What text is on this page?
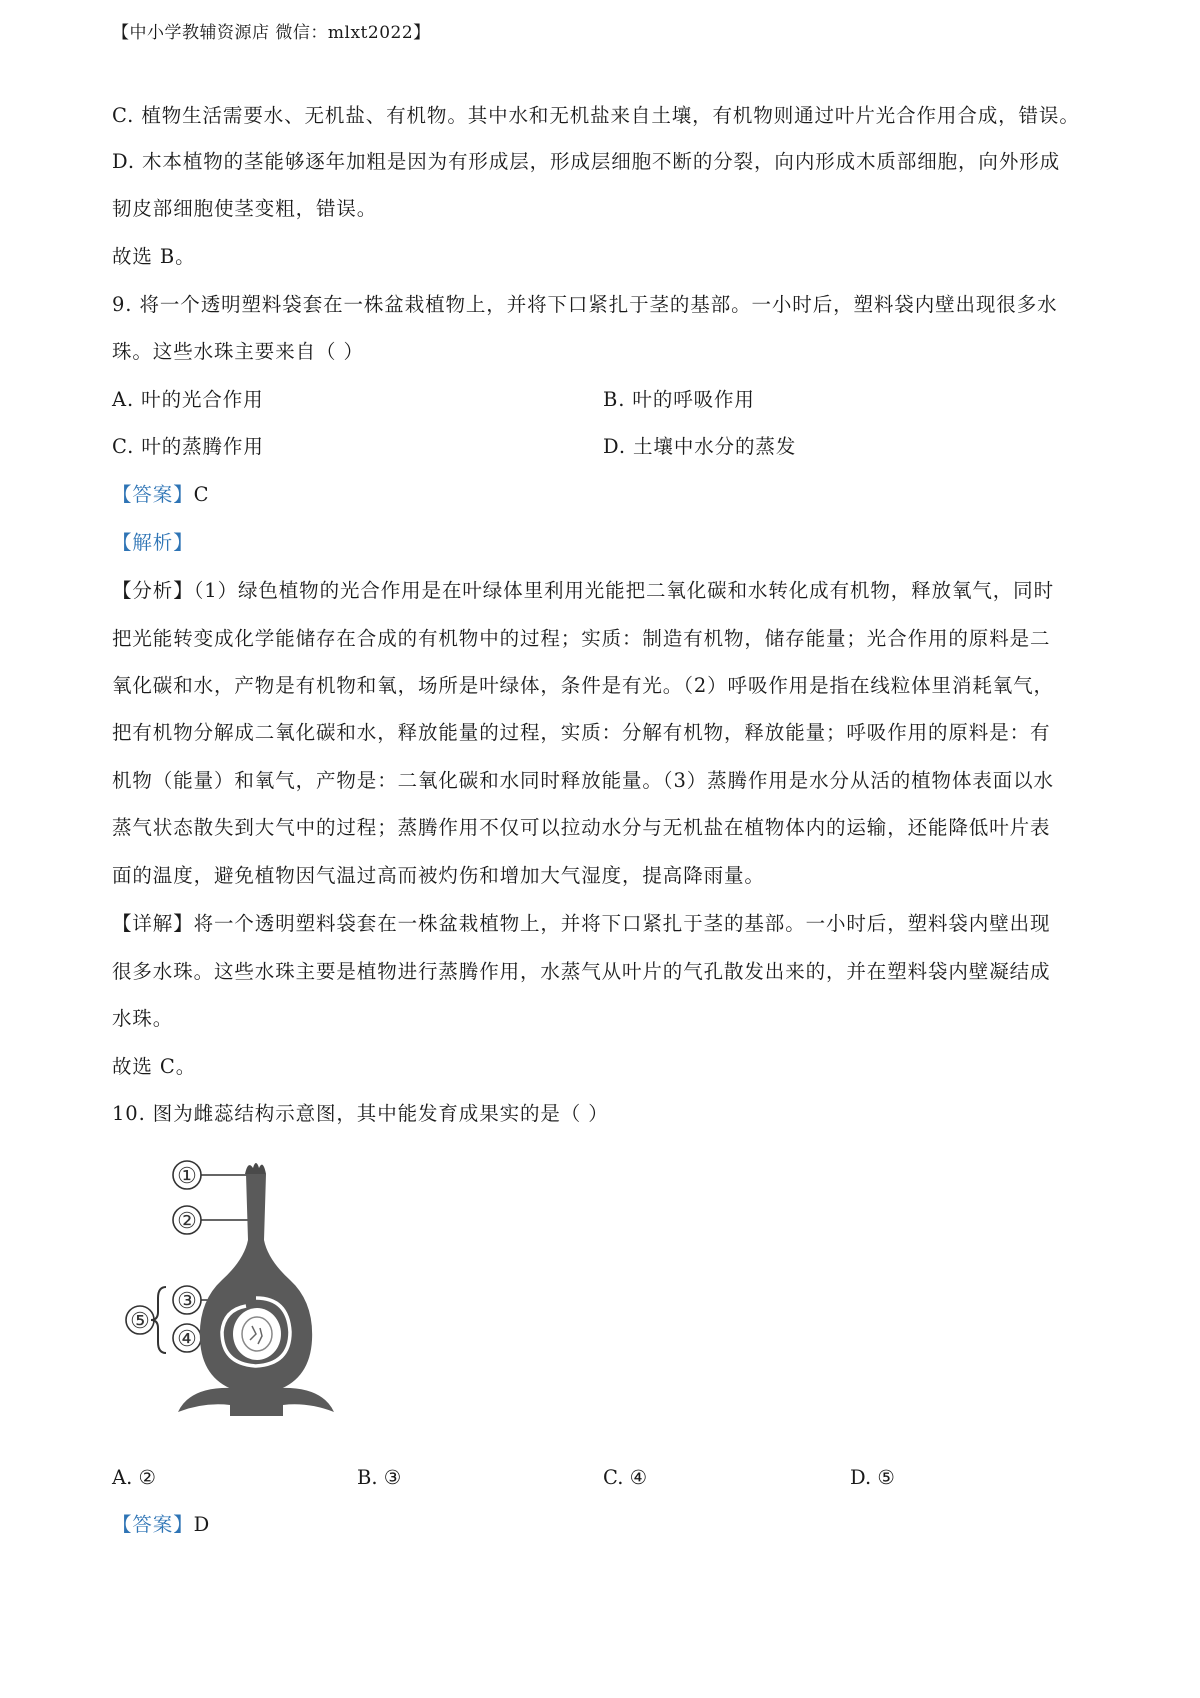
【中小学教辅资源店 微信：mlxt2022】
C. 植物生活需要水、无机盐、有机物。其中水和无机盐来自土壤，有机物则通过叶片光合作用合成，错误。
D. 木本植物的茎能够逐年加粗是因为有形成层，形成层细胞不断的分裂，向内形成木质部细胞，向外形成
韧皮部细胞使茎变粗，错误。
故选 B。
9. 将一个透明塑料袋套在一株盆栽植物上，并将下口紧扎于茎的基部。一小时后，塑料袋内壁出现很多水
珠。这些水珠主要来自（ ）
A. 叶的光合作用	B. 叶的呼吸作用
C. 叶的蒸腾作用	D. 土壤中水分的蒸发
【答案】C
【解析】
【分析】（1）绿色植物的光合作用是在叶绿体里利用光能把二氧化碳和水转化成有机物，释放氧气，同时
把光能转变成化学能储存在合成的有机物中的过程；实质：制造有机物，储存能量；光合作用的原料是二
氧化碳和水，产物是有机物和氧，场所是叶绿体，条件是有光。（2）呼吸作用是指在线粒体里消耗氧气，
把有机物分解成二氧化碳和水，释放能量的过程，实质：分解有机物，释放能量；呼吸作用的原料是：有
机物（能量）和氧气，产物是：二氧化碳和水同时释放能量。（3）蒸腾作用是水分从活的植物体表面以水
蒸气状态散失到大气中的过程；蒸腾作用不仅可以拉动水分与无机盐在植物体内的运输，还能降低叶片表
面的温度，避免植物因气温过高而被灼伤和增加大气湿度，提高降雨量。
【详解】将一个透明塑料袋套在一株盆栽植物上，并将下口紧扎于茎的基部。一小时后，塑料袋内壁出现
很多水珠。这些水珠主要是植物进行蒸腾作用，水蒸气从叶片的气孔散发出来的，并在塑料袋内壁凝结成
水珠。
故选 C。
10. 图为雌蕊结构示意图，其中能发育成果实的是（ ）
①
②
③
④
⑤
A. ②	B. ③	C. ④	D. ⑤
【答案】D
